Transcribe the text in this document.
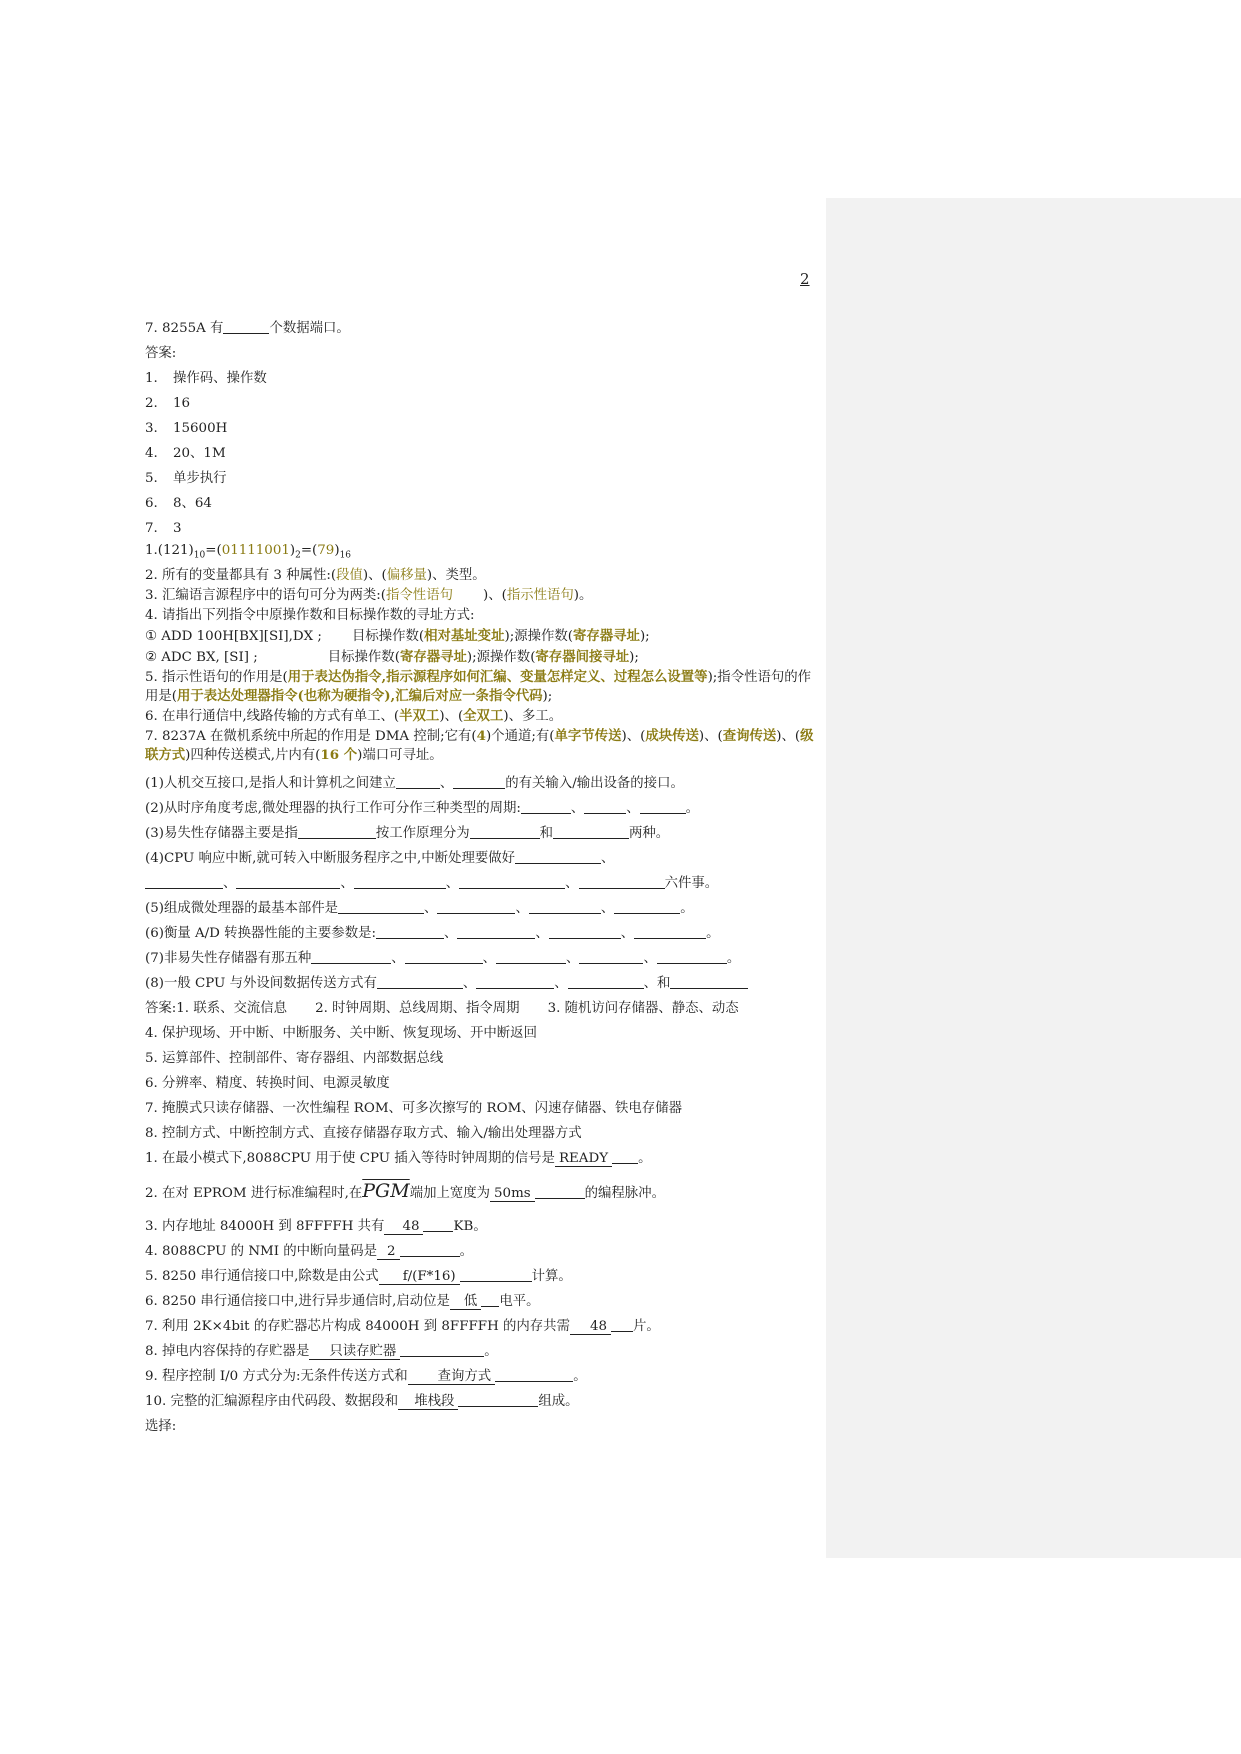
2
7. 8255A 有	个数据端口。
答案:
1. 操作码、操作数
2. 16
3. 15600H
4. 20、1M
5. 单步执行
6. 8、64
7. 3
$1.(121)_{10}=(01111001)_2=(79)_{16}$
2. 所有的变量都具有 3 种属性:(段值)、(偏移量)、类型。
3. 汇编语言源程序中的语句可分为两类:(指令性语句 )、(指示性语句)。
4. 请指出下列指令中原操作数和目标操作数的寻址方式:
① ADD 100H[BX][SI],DX ; 目标操作数(相对基址变址);源操作数(寄存器寻址);
② ADC BX, [SI] ;	目标操作数(寄存器寻址);源操作数(寄存器间接寻址);
5. 指示性语句的作用是(用于表达伪指令,指示源程序如何汇编、变量怎样定义、过程怎么设置等);指令性语句的作用是(用于表达处理器指令(也称为硬指令),汇编后对应一条指令代码);
6. 在串行通信中,线路传输的方式有单工、(半双工)、(全双工)、多工。
7. 8237A 在微机系统中所起的作用是 DMA 控制;它有(4)个通道;有(单字节传送)、(成块传送)、(查询传送)、(级联方式)四种传送模式,片内有(16 个)端口可寻址。
(1)人机交互接口,是指人和计算机之间建立	、	的有关输入/输出设备的接口。
(2)从时序角度考虑,微处理器的执行工作可分作三种类型的周期:	、	、	。
(3)易失性存储器主要是指	按工作原理分为	和	两种。
(4)CPU 响应中断,就可转入中断服务程序之中,中断处理要做好	、
、	、	、	、	六件事。
(5)组成微处理器的最基本部件是	、	、	、	。
(6)衡量 A/D 转换器性能的主要参数是:	、	、	、	。
(7)非易失性存储器有那五种	、	、	、	、	。
(8)一般 CPU 与外设间数据传送方式有	、	、	、和
答案:1. 联系、交流信息 2. 时钟周期、总线周期、指令周期 3. 随机访问存储器、静态、动态
4. 保护现场、开中断、中断服务、关中断、恢复现场、开中断返回
5. 运算部件、控制部件、寄存器组、内部数据总线
6. 分辨率、精度、转换时间、电源灵敏度
7. 掩膜式只读存储器、一次性编程 ROM、可多次擦写的 ROM、闪速存储器、铁电存储器
8. 控制方式、中断控制方式、直接存储器存取方式、输入/输出处理器方式
1. 在最小模式下,8088CPU 用于使 CPU 插入等待时钟周期的信号是 READY 。
2. 在对 EPROM 进行标准编程时,在$\overline{PGM}$端加上宽度为 50ms	的编程脉冲。
3. 内存地址 84000H 到 8FFFFH 共有 48	KB。
4. 8088CPU 的 NMI 的中断向量码是 2	。
5. 8250 串行通信接口中,除数是由公式 f/(F*16)	计算。
6. 8250 串行通信接口中,进行异步通信时,启动位是 低 电平。
7. 利用 2K×4bit 的存贮器芯片构成 84000H 到 8FFFFH 的内存共需 48 片。
8. 掉电内容保持的存贮器是 只读存贮器	。
9. 程序控制 I/0 方式分为:无条件传送方式和 查询方式	。
10. 完整的汇编源程序由代码段、数据段和 堆栈段	组成。
选择:
